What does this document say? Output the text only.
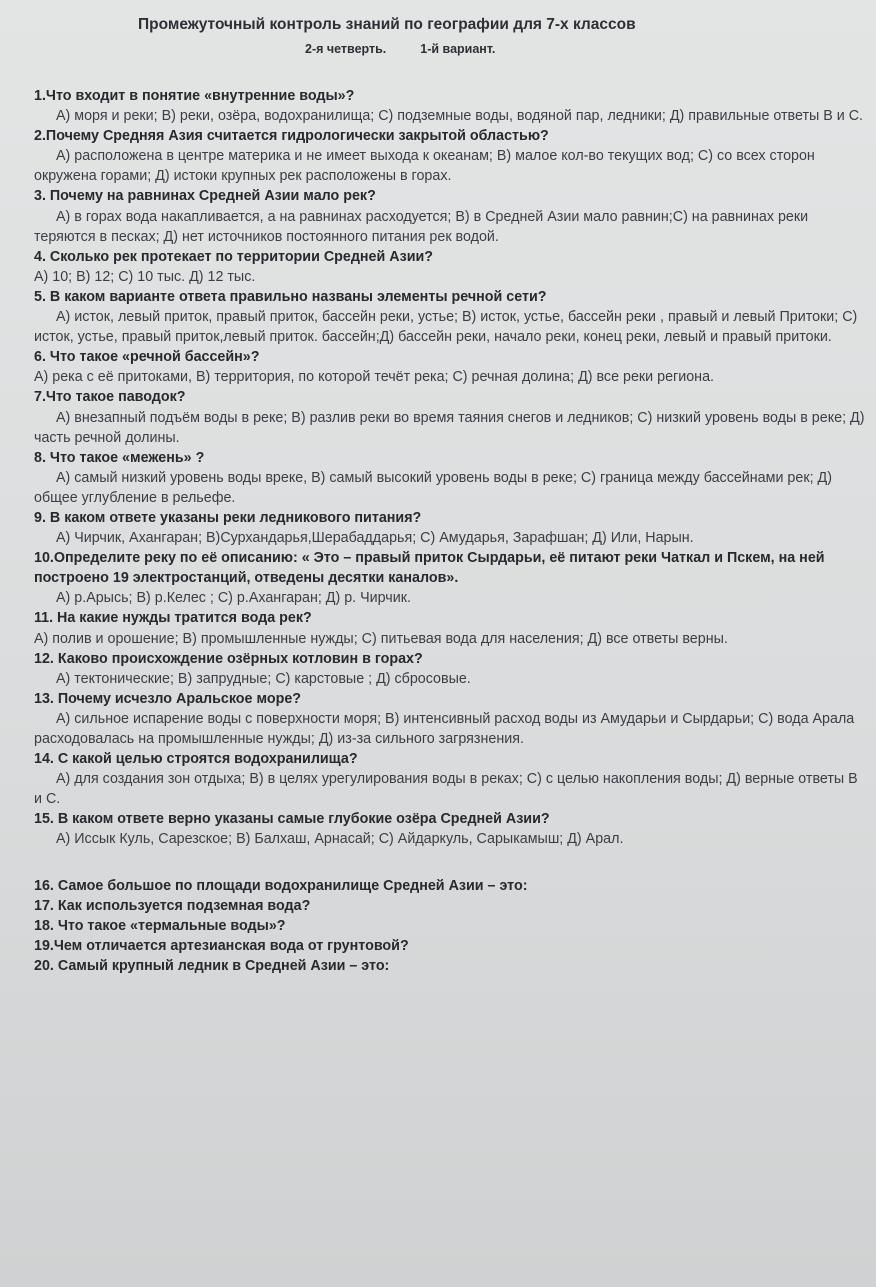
Промежуточный контроль знаний по географии для 7-х классов
2-я четверть.	1-й вариант.
1.Что входит в понятие «внутренние воды»?
А) моря и реки; В) реки, озёра, водохранилища; С) подземные воды, водяной пар, ледники; Д) правильные ответы В и С.
2.Почему Средняя Азия считается гидрологически закрытой областью?
А) расположена в центре материка и не имеет выхода к океанам; В) малое кол-во текущих вод; С) со всех сторон окружена горами; Д) истоки крупных рек расположены в горах.
3. Почему на равнинах Средней Азии мало рек?
А) в горах вода накапливается, а на равнинах расходуется; В) в Средней Азии мало равнин;С) на равнинах реки теряются в песках; Д) нет источников постоянного питания рек водой.
4. Сколько рек протекает по территории Средней Азии?
А) 10; В) 12; С) 10 тыс. Д) 12 тыс.
5. В каком варианте ответа правильно названы элементы речной сети?
А) исток, левый приток, правый приток, бассейн реки, устье; В) исток, устье, бассейн реки , правый и левый Притоки; С) исток, устье, правый приток,левый приток. бассейн;Д) бассейн реки, начало реки, конец реки, левый и правый притоки.
6. Что такое «речной бассейн»?
А) река с её притоками, В) территория, по которой течёт река; С) речная долина; Д) все реки региона.
7.Что такое паводок?
А) внезапный подъём воды в реке; В) разлив реки во время таяния снегов и ледников; С) низкий уровень воды в реке; Д) часть речной долины.
8. Что такое «межень» ?
А) самый низкий уровень воды вреке, В) самый высокий уровень воды в реке; С) граница между бассейнами рек; Д) общее углубление в рельефе.
9. В каком ответе указаны реки ледникового питания?
А) Чирчик, Ахангаран; В)Сурхандарья,Шерабаддарья; С) Амударья, Зарафшан; Д) Или, Нарын.
10.Определите реку по её описанию: « Это – правый приток Сырдарьи, её питают реки Чаткал и Пскем, на ней построено 19 электростанций, отведены десятки каналов».
А) р.Арысь; В) р.Келес ; С) р.Ахангаран; Д) р. Чирчик.
11. На какие нужды тратится вода рек?
А) полив и орошение; В) промышленные нужды; С) питьевая вода для населения; Д) все ответы верны.
12. Каково происхождение озёрных котловин в горах?
А) тектонические; В) запрудные; С) карстовые ; Д) сбросовые.
13. Почему исчезло Аральское море?
А) сильное испарение воды с поверхности моря; В) интенсивный расход воды из Амударьи и Сырдарьи; С) вода Арала расходовалась на промышленные нужды; Д) из-за сильного загрязнения.
14. С какой целью строятся водохранилища?
А) для создания зон отдыха; В) в целях урегулирования воды в реках; С) с целью накопления воды; Д) верные ответы В и С.
15. В каком ответе верно указаны самые глубокие озёра Средней Азии?
А) Иссык Куль, Сарезское; В) Балхаш, Арнасай; С) Айдаркуль, Сарыкамыш; Д) Арал.
16. Самое большое по площади водохранилище Средней Азии – это:
17. Как используется подземная вода?
18. Что такое «термальные воды»?
19.Чем отличается артезианская вода от грунтовой?
20. Самый крупный ледник в Средней Азии – это:
